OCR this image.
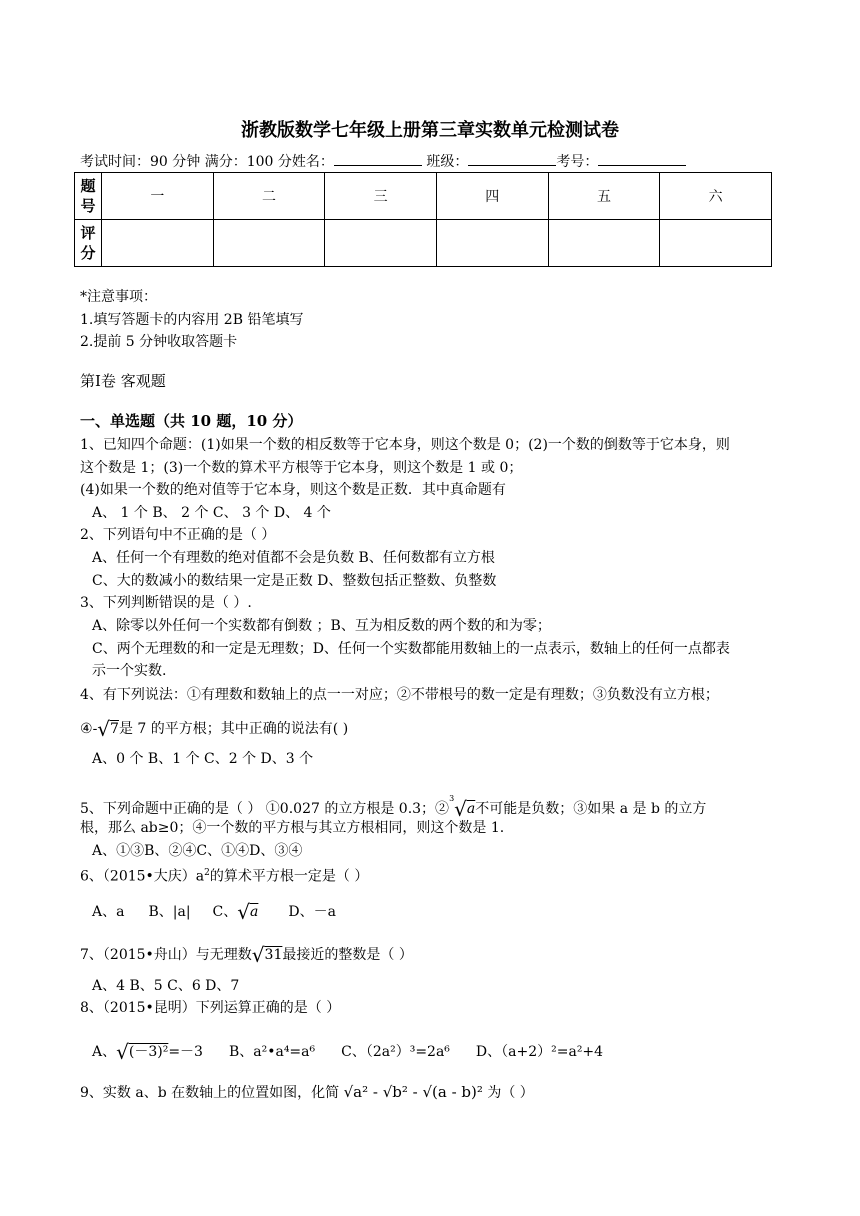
浙教版数学七年级上册第三章实数单元检测试卷
考试时间：90 分钟 满分：100 分姓名：	班级：	考号：
题号	一	二	三	四	五	六
评分						
*注意事项：
1.填写答题卡的内容用 2B 铅笔填写
2.提前 5 分钟收取答题卡
第Ⅰ卷 客观题
一、单选题（共 10 题，10 分）
1、已知四个命题：(1)如果一个数的相反数等于它本身，则这个数是 0；(2)一个数的倒数等于它本身，则
这个数是 1；(3)一个数的算术平方根等于它本身，则这个数是 1 或 0；
(4)如果一个数的绝对值等于它本身，则这个数是正数．其中真命题有
A、 1 个 B、 2 个 C、 3 个 D、 4 个
2、下列语句中不正确的是（ ）
A、任何一个有理数的绝对值都不会是负数 B、任何数都有立方根
C、大的数减小的数结果一定是正数 D、整数包括正整数、负整数
3、下列判断错误的是（ ）.
A、除零以外任何一个实数都有倒数 ；B、互为相反数的两个数的和为零；
C、两个无理数的和一定是无理数；D、任何一个实数都能用数轴上的一点表示，数轴上的任何一点都表
示一个实数.
4、有下列说法：①有理数和数轴上的点一一对应；②不带根号的数一定是有理数；③负数没有立方根；
④-√7是 7 的平方根；其中正确的说法有( )
A、0 个 B、1 个 C、2 个 D、3 个
5、下列命题中正确的是（ ） ①0.027 的立方根是 0.3；②$^3$√a不可能是负数；③如果 a 是 b 的立方
根，那么 ab≥0；④一个数的平方根与其立方根相同，则这个数是 1.
A、①③B、②④C、①④D、③④
6、（2015•大庆）$a^2$的算术平方根一定是（ ）
A、a B、|a| C、√a D、－a
7、（2015•舟山）与无理数√31最接近的整数是（ ）
A、4 B、5 C、6 D、7
8、（2015•昆明）下列运算正确的是（ ）
A、√(－3)²=－3 B、a²•a⁴=a⁶ C、（2a²）³=2a⁶ D、（a+2）²=a²+4
9、实数 a、b 在数轴上的位置如图，化简 √a² - √b² - √(a - b)² 为（ ）
